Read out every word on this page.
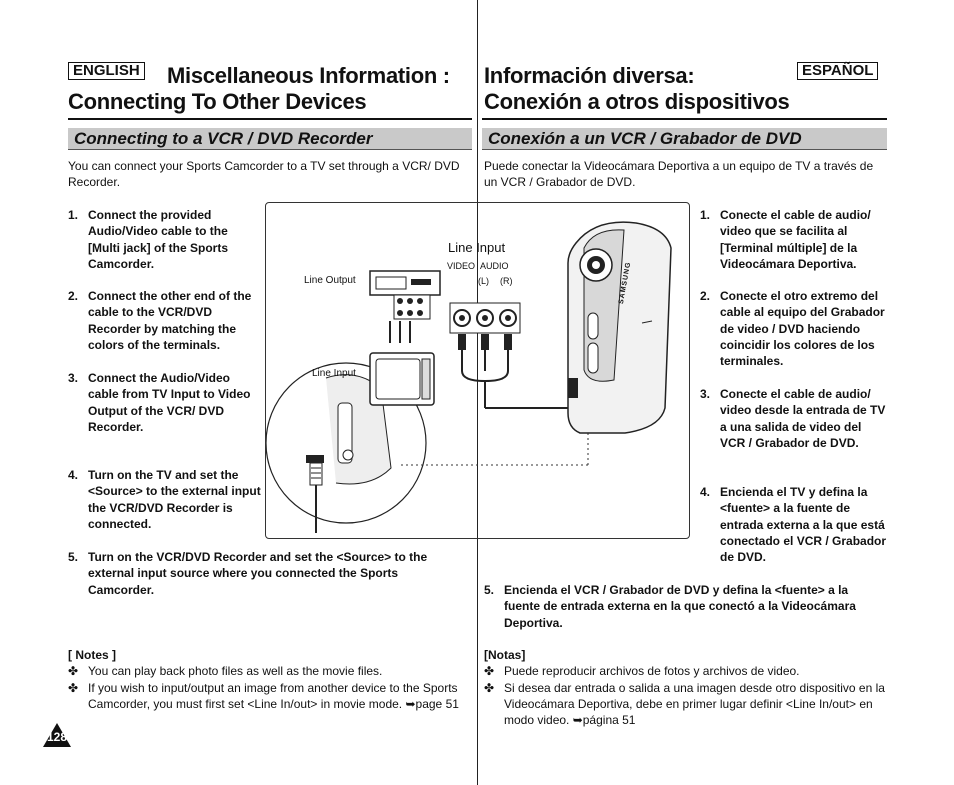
ENGLISH Miscellaneous Information :
Connecting To Other Devices
Información diversa:
Conexión a otros dispositivos
ESPAÑOL
Connecting to a VCR / DVD Recorder	Conexión a un VCR / Grabador de DVD
You can connect your Sports Camcorder to a TV set through a VCR/ DVD Recorder.
Puede conectar la Videocámara Deportiva a un equipo de TV a través de un VCR / Grabador de DVD.
1. Connect the provided Audio/Video cable to the [Multi jack] of the Sports Camcorder.
2. Connect the other end of the cable to the VCR/DVD Recorder by matching the colors of the terminals.
3. Connect the Audio/Video cable from TV Input to Video Output of the VCR/ DVD Recorder.
4. Turn on the TV and set the <Source> to the external input the VCR/DVD Recorder is connected.
5. Turn on the VCR/DVD Recorder and set the <Source> to the external input source where you connected the Sports Camcorder.
1. Conecte el cable de audio/ video que se facilita al [Terminal múltiple] de la Videocámara Deportiva.
2. Conecte el otro extremo del cable al equipo del Grabador de video / DVD haciendo coincidir los colores de los terminales.
3. Conecte el cable de audio/ video desde la entrada de TV a una salida de video del VCR / Grabador de DVD.
4. Encienda el TV y defina la <fuente> a la fuente de entrada externa a la que está conectado el VCR / Grabador de DVD.
5. Encienda el VCR / Grabador de DVD y defina la <fuente> a la fuente de entrada externa en la que conectó a la Videocámara Deportiva.
[ Notes ]
✤ You can play back photo files as well as the movie files.
✤ If you wish to input/output an image from another device to the Sports Camcorder, you must first set <Line In/out> in movie mode. ➥page 51
[Notas]
✤ Puede reproducir archivos de fotos y archivos de video.
✤ Si desea dar entrada o salida a una imagen desde otro dispositivo en la Videocámara Deportiva, debe en primer lugar definir <Line In/out> en modo video. ➥página 51
128
Line Input
VIDEO AUDIO
(L) (R)
Line Output
Line Input
SAMSUNG
